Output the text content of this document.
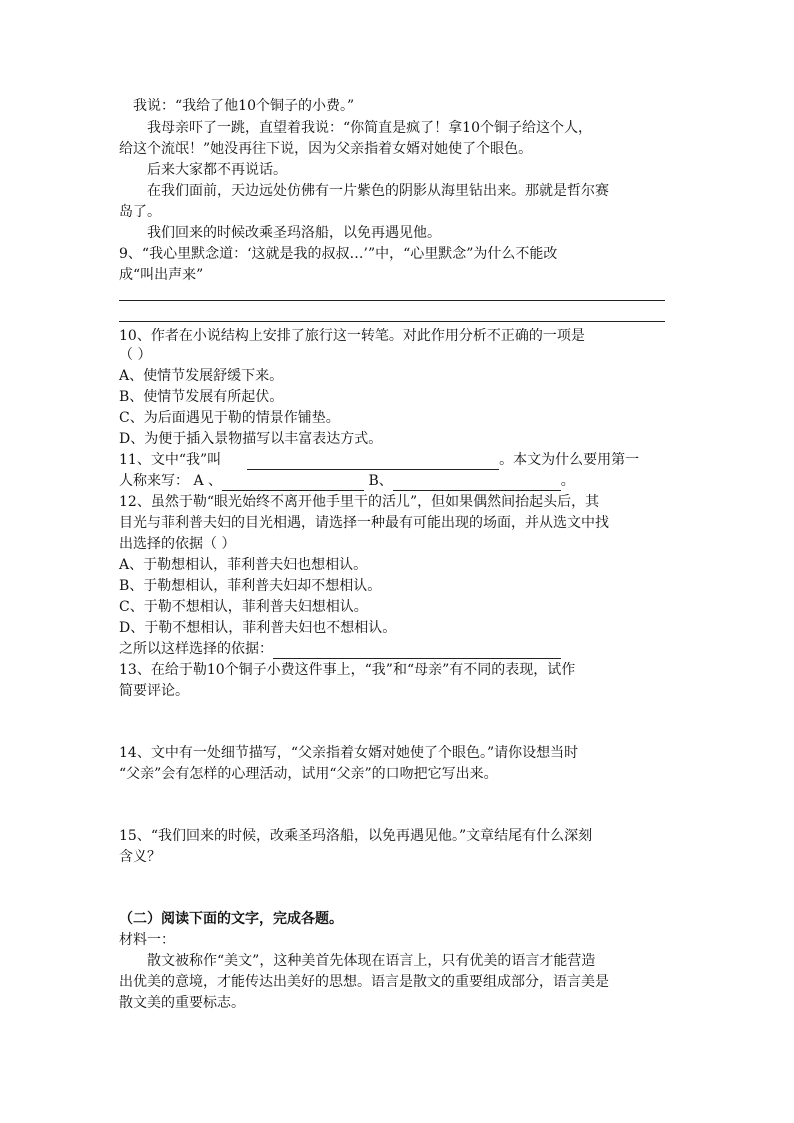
我说：“我给了他10个铜子的小费。”
我母亲吓了一跳，直望着我说：“你简直是疯了！拿10个铜子给这个人，
给这个流氓！”她没再往下说，因为父亲指着女婿对她使了个眼色。
后来大家都不再说话。
在我们面前，天边远处仿佛有一片紫色的阴影从海里钻出来。那就是哲尔赛
岛了。
我们回来的时候改乘圣玛洛船，以免再遇见他。
9、“我心里默念道：‘这就是我的叔叔…’”中，“心里默念”为什么不能改
成“叫出声来”
10、作者在小说结构上安排了旅行这一转笔。对此作用分析不正确的一项是
（ ）
A、使情节发展舒缓下来。
B、使情节发展有所起伏。
C、为后面遇见于勒的情景作铺垫。
D、为便于插入景物描写以丰富表达方式。
11、文中“我”叫	。本文为什么要用第一
人称来写： A 、	B、	。
12、虽然于勒“眼光始终不离开他手里干的活儿”，但如果偶然间抬起头后，其
目光与菲利普夫妇的目光相遇，请选择一种最有可能出现的场面，并从选文中找
出选择的依据（ ）
A、于勒想相认，菲利普夫妇也想相认。
B、于勒想相认，菲利普夫妇却不想相认。
C、于勒不想相认，菲利普夫妇想相认。
D、于勒不想相认，菲利普夫妇也不想相认。
之所以这样选择的依据：
13、在给于勒10个铜子小费这件事上，“我”和“母亲”有不同的表现，试作
简要评论。
14、文中有一处细节描写，“父亲指着女婿对她使了个眼色。”请你设想当时
“父亲”会有怎样的心理活动，试用“父亲”的口吻把它写出来。
15、“我们回来的时候，改乘圣玛洛船，以免再遇见他。”文章结尾有什么深刻
含义？
（二）阅读下面的文字，完成各题。
材料一：
散文被称作“美文”，这种美首先体现在语言上，只有优美的语言才能营造
出优美的意境，才能传达出美好的思想。语言是散文的重要组成部分，语言美是
散文美的重要标志。
